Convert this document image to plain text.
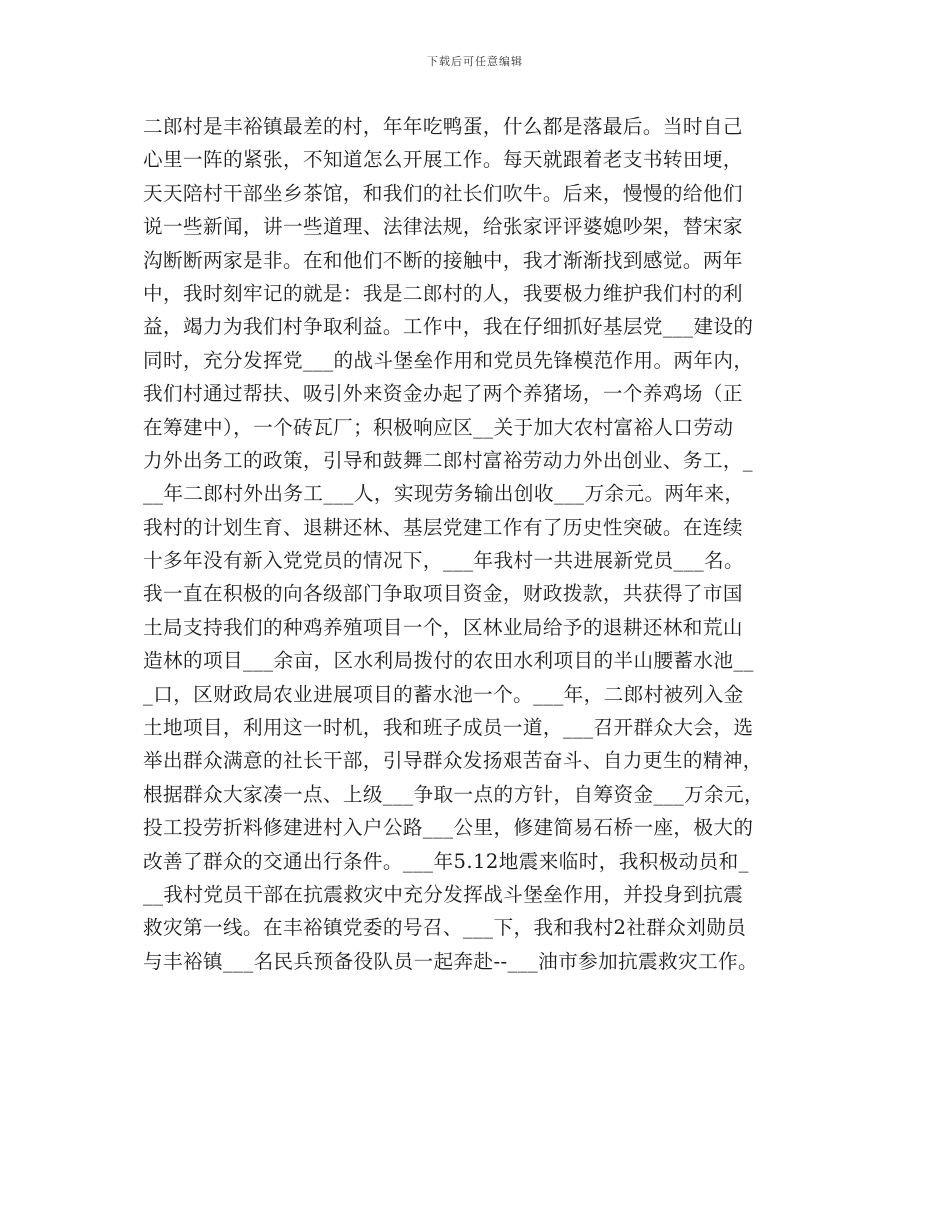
下载后可任意编辑
二郎村是丰裕镇最差的村，年年吃鸭蛋，什么都是落最后。当时自己
心里一阵的紧张，不知道怎么开展工作。每天就跟着老支书转田埂，
天天陪村干部坐乡茶馆，和我们的社长们吹牛。后来，慢慢的给他们
说一些新闻，讲一些道理、法律法规，给张家评评婆媳吵架，替宋家
沟断断两家是非。在和他们不断的接触中，我才渐渐找到感觉。两年
中，我时刻牢记的就是：我是二郎村的人，我要极力维护我们村的利
益，竭力为我们村争取利益。工作中，我在仔细抓好基层党___建设的
同时，充分发挥党___的战斗堡垒作用和党员先锋模范作用。两年内，
我们村通过帮扶、吸引外来资金办起了两个养猪场，一个养鸡场（正
在筹建中），一个砖瓦厂；积极响应区__关于加大农村富裕人口劳动
力外出务工的政策，引导和鼓舞二郎村富裕劳动力外出创业、务工，_
__年二郎村外出务工___人，实现劳务输出创收___万余元。两年来，
我村的计划生育、退耕还林、基层党建工作有了历史性突破。在连续
十多年没有新入党党员的情况下，___年我村一共进展新党员___名。
我一直在积极的向各级部门争取项目资金，财政拨款，共获得了市国
土局支持我们的种鸡养殖项目一个，区林业局给予的退耕还林和荒山
造林的项目___余亩，区水利局拨付的农田水利项目的半山腰蓄水池__
_口，区财政局农业进展项目的蓄水池一个。___年，二郎村被列入金
土地项目，利用这一时机，我和班子成员一道，___召开群众大会，选
举出群众满意的社长干部，引导群众发扬艰苦奋斗、自力更生的精神，
根据群众大家凑一点、上级___争取一点的方针，自筹资金___万余元，
投工投劳折料修建进村入户公路___公里，修建简易石桥一座，极大的
改善了群众的交通出行条件。___年5.12地震来临时，我积极动员和_
__我村党员干部在抗震救灾中充分发挥战斗堡垒作用，并投身到抗震
救灾第一线。在丰裕镇党委的号召、___下，我和我村2社群众刘勋员
与丰裕镇___名民兵预备役队员一起奔赴--___油市参加抗震救灾工作。
